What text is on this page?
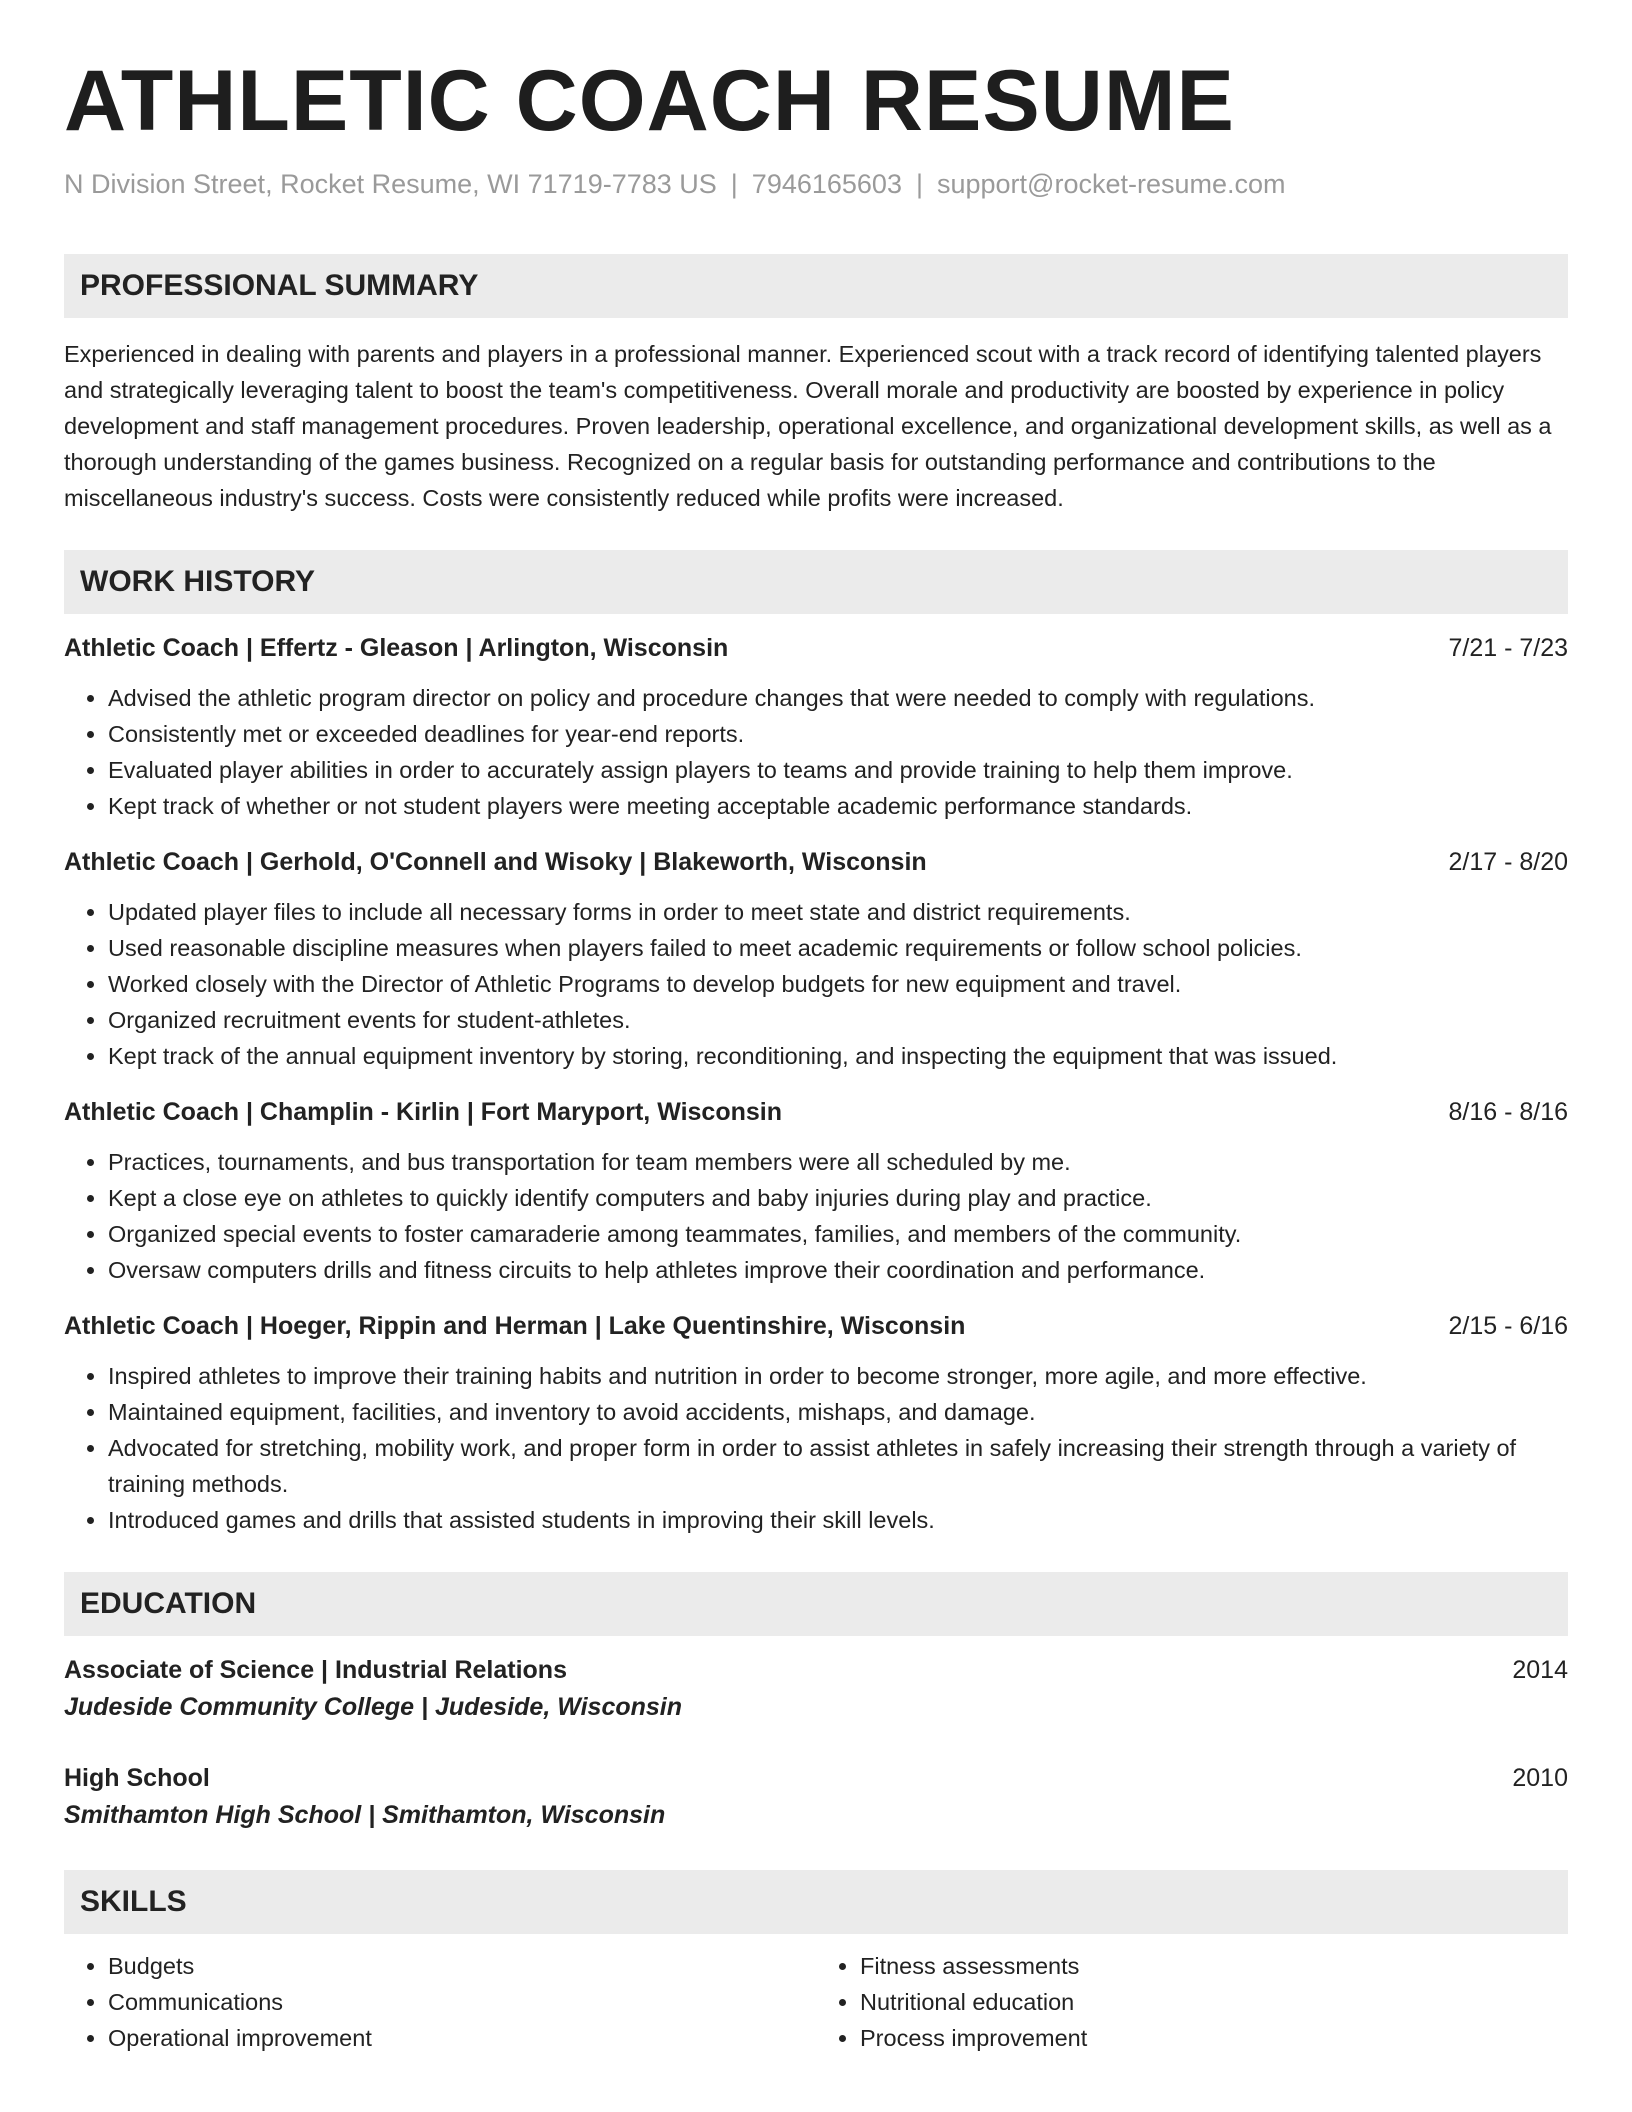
ATHLETIC COACH RESUME
N Division Street, Rocket Resume, WI 71719-7783 US | 7946165603 | support@rocket-resume.com
PROFESSIONAL SUMMARY

Experienced in dealing with parents and players in a professional manner. Experienced scout with a track record of identifying talented players and strategically leveraging talent to boost the team's competitiveness. Overall morale and productivity are boosted by experience in policy development and staff management procedures. Proven leadership, operational excellence, and organizational development skills, as well as a thorough understanding of the games business. Recognized on a regular basis for outstanding performance and contributions to the miscellaneous industry's success. Costs were consistently reduced while profits were increased.

WORK HISTORY
Athletic Coach | Effertz - Gleason | Arlington, Wisconsin	7/21 - 7/23
• Advised the athletic program director on policy and procedure changes that were needed to comply with regulations.
• Consistently met or exceeded deadlines for year-end reports.
• Evaluated player abilities in order to accurately assign players to teams and provide training to help them improve.
• Kept track of whether or not student players were meeting acceptable academic performance standards.
Athletic Coach | Gerhold, O'Connell and Wisoky | Blakeworth, Wisconsin	2/17 - 8/20
• Updated player files to include all necessary forms in order to meet state and district requirements.
• Used reasonable discipline measures when players failed to meet academic requirements or follow school policies.
• Worked closely with the Director of Athletic Programs to develop budgets for new equipment and travel.
• Organized recruitment events for student-athletes.
• Kept track of the annual equipment inventory by storing, reconditioning, and inspecting the equipment that was issued.
Athletic Coach | Champlin - Kirlin | Fort Maryport, Wisconsin	8/16 - 8/16
• Practices, tournaments, and bus transportation for team members were all scheduled by me.
• Kept a close eye on athletes to quickly identify computers and baby injuries during play and practice.
• Organized special events to foster camaraderie among teammates, families, and members of the community.
• Oversaw computers drills and fitness circuits to help athletes improve their coordination and performance.
Athletic Coach | Hoeger, Rippin and Herman | Lake Quentinshire, Wisconsin	2/15 - 6/16
• Inspired athletes to improve their training habits and nutrition in order to become stronger, more agile, and more effective.
• Maintained equipment, facilities, and inventory to avoid accidents, mishaps, and damage.
• Advocated for stretching, mobility work, and proper form in order to assist athletes in safely increasing their strength through a variety of training methods.
• Introduced games and drills that assisted students in improving their skill levels.
EDUCATION
Associate of Science | Industrial Relations	2014
Judeside Community College | Judeside, Wisconsin
High School	2010
Smithamton High School | Smithamton, Wisconsin
SKILLS
• Budgets
• Communications
• Operational improvement
• Fitness assessments
• Nutritional education
• Process improvement
